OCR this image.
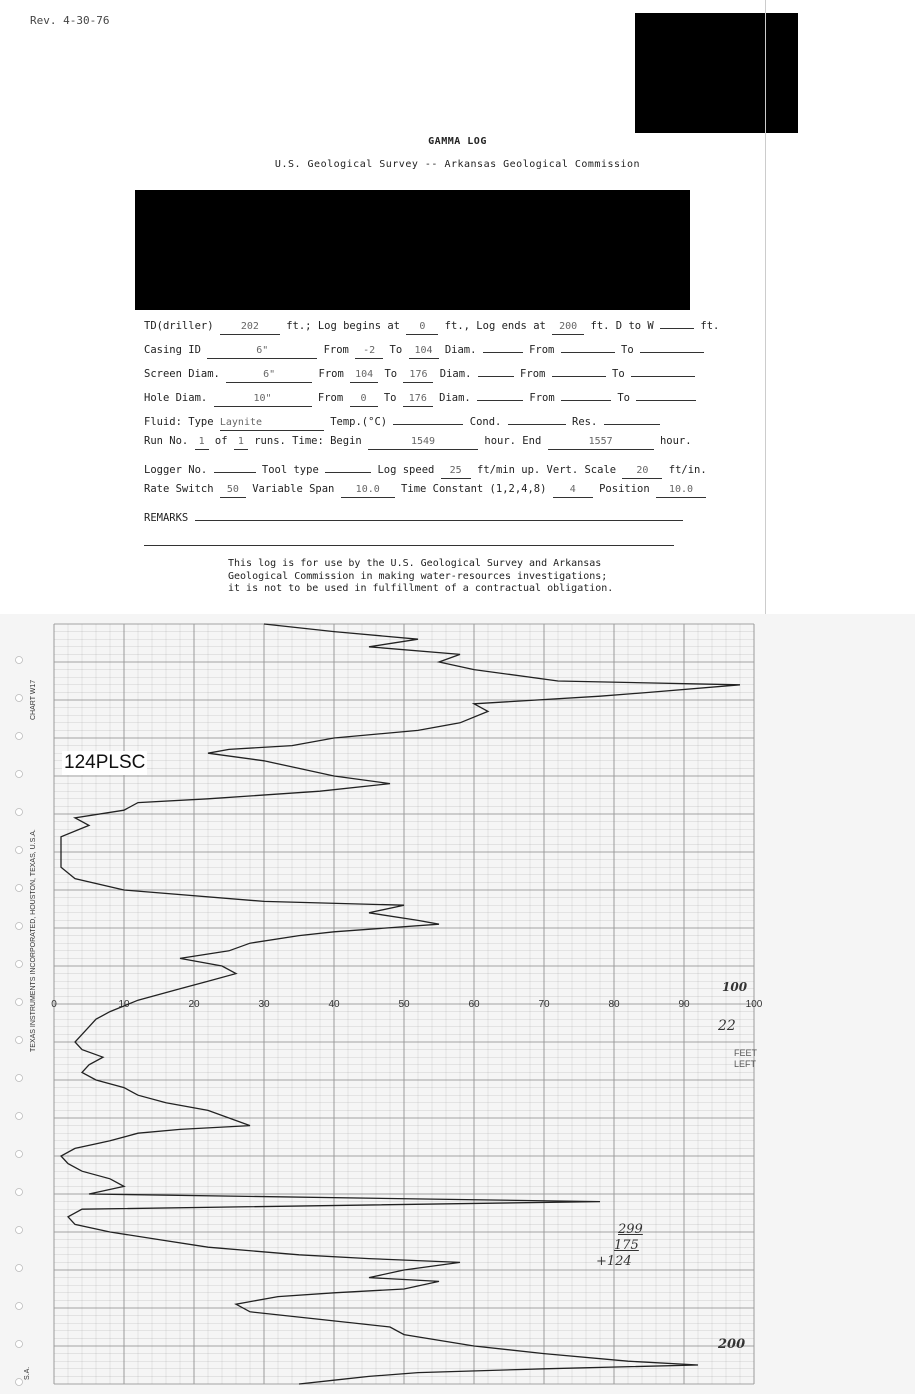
Rev. 4-30-76
GAMMA LOG
U.S. Geological Survey -- Arkansas Geological Commission
TD(driller)	202	ft.; Log begins at 0 ft., Log ends at 200 ft. D to W	ft.
Casing ID	6"	From -2 To 104 Diam.	From	To
Screen Diam.	6"	From 104 To 176 Diam.	From	To
Hole Diam.	10"	From 0 To 176 Diam.	From	To
Fluid: Type Laynite	Temp.(°C)	Cond.	Res.
Run No. 1 of 1 runs. Time: Begin	1549	hour. End	1557	hour.
Logger No.	Tool type	Log speed 25 ft/min up. Vert. Scale 20 ft/in.
Rate Switch 50 Variable Span 10.0 Time Constant (1,2,4,8) 4 Position 10.0
REMARKS
This log is for use by the U.S. Geological Survey and Arkansas
Geological Commission in making water-resources investigations;
it is not to be used in fulfillment of a contractual obligation.
0	10	20	30	40	50	60	70	80	90	100
124PLSC
TEXAS INSTRUMENTS INCORPORATED, HOUSTON, TEXAS, U.S.A.
CHART W17
S.A.
100
200
22
FEET
LEFT
299
175
+124
